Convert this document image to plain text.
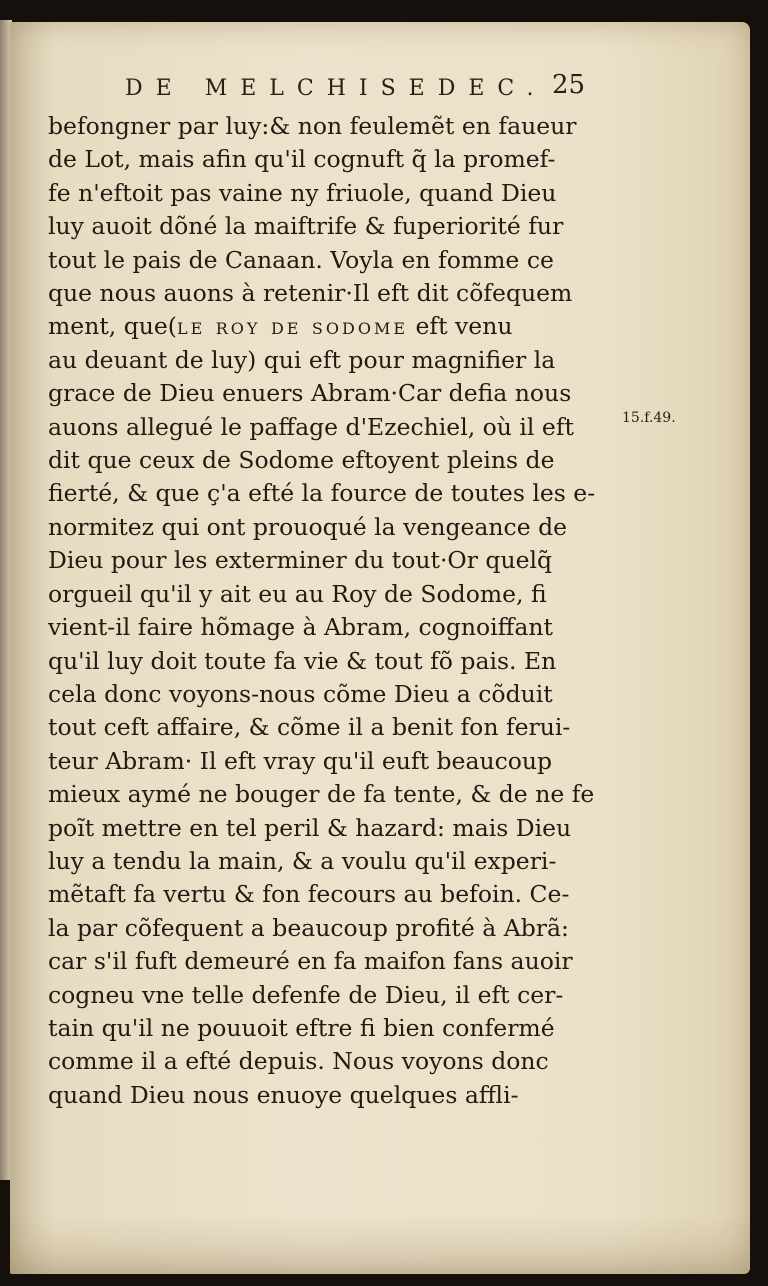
DE MELCHISEDEC. 25
15.f.49.
befongner par luy:& non feulemẽt en faueur
de Lot, mais afin qu'il cognuft q̃ la promef-
fe n'eftoit pas vaine ny friuole, quand Dieu
luy auoit dõné la maiftrife & fuperiorité fur
tout le pais de Canaan. Voyla en fomme ce
que nous auons à retenir·Il eft dit cõfequem
ment, que(le roy de sodome eft venu
au deuant de luy) qui eft pour magnifier la
grace de Dieu enuers Abram·Car defia nous
auons allegué le paffage d'Ezechiel, où il eft
dit que ceux de Sodome eftoyent pleins de
fierté, & que ç'a efté la fource de toutes les e-
normitez qui ont prouoqué la vengeance de
Dieu pour les exterminer du tout·Or quelq̃
orgueil qu'il y ait eu au Roy de Sodome, fi
vient-il faire hõmage à Abram, cognoiffant
qu'il luy doit toute fa vie & tout fõ pais. En
cela donc voyons-nous cõme Dieu a cõduit
tout ceft affaire, & cõme il a benit fon ferui-
teur Abram· Il eft vray qu'il euft beaucoup
mieux aymé ne bouger de fa tente, & de ne fe
poĩt mettre en tel peril & hazard: mais Dieu
luy a tendu la main, & a voulu qu'il experi-
mẽtaft fa vertu & fon fecours au befoin. Ce-
la par cõfequent a beaucoup profité à Abrã:
car s'il fuft demeuré en fa maifon fans auoir
cogneu vne telle defenfe de Dieu, il eft cer-
tain qu'il ne pouuoit eftre fi bien confermé
comme il a efté depuis. Nous voyons donc
quand Dieu nous enuoye quelques affli-
